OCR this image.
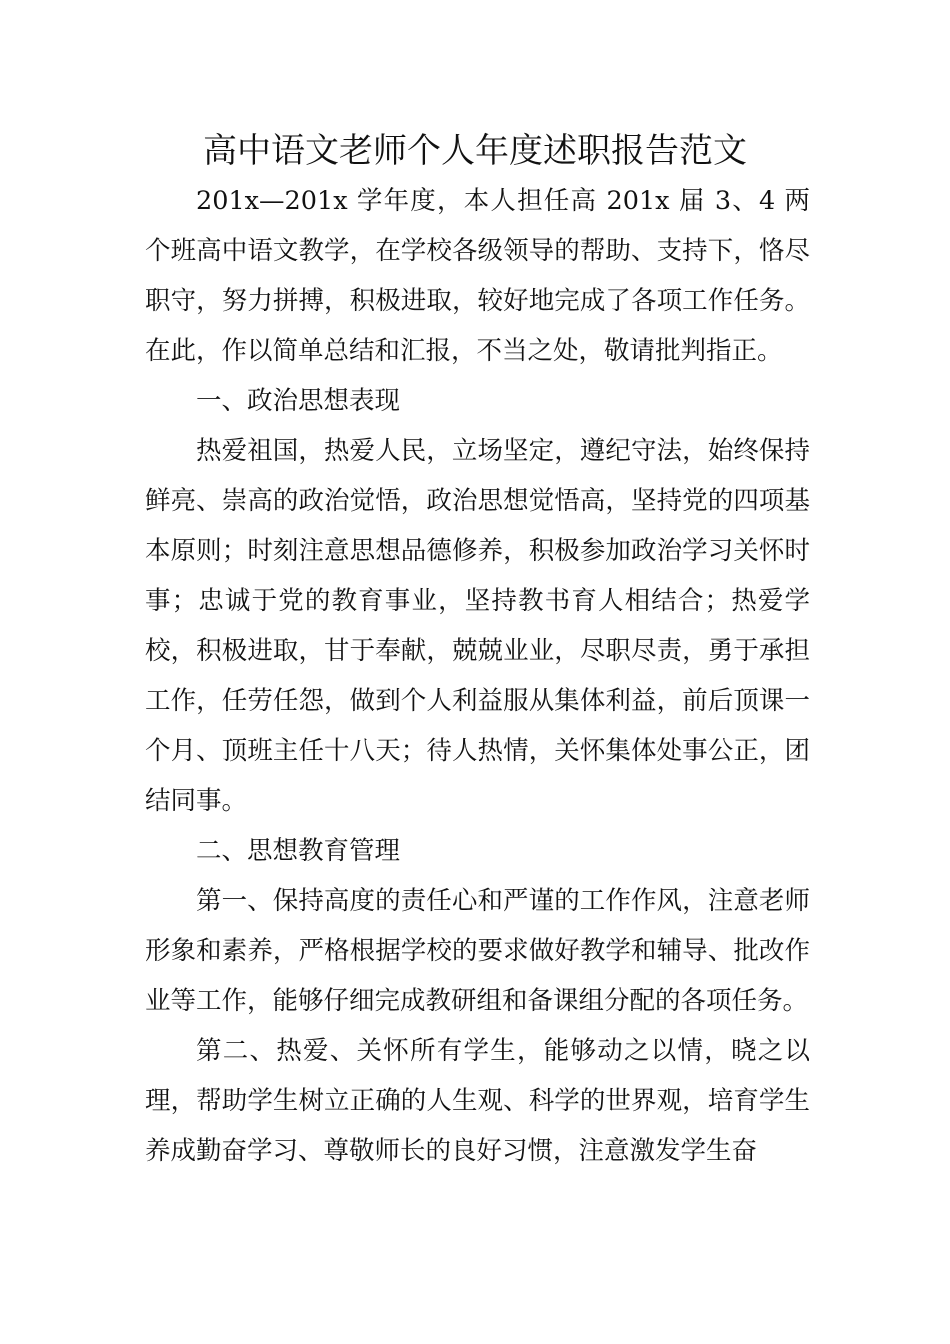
高中语文老师个人年度述职报告范文

201x—201x 学年度，本人担任高 201x 届 3、4 两个班高中语文教学，在学校各级领导的帮助、支持下，恪尽职守，努力拼搏，积极进取，较好地完成了各项工作任务。在此，作以简单总结和汇报，不当之处，敬请批判指正。

一、政治思想表现

热爱祖国，热爱人民，立场坚定，遵纪守法，始终保持鲜亮、崇高的政治觉悟，政治思想觉悟高，坚持党的四项基本原则；时刻注意思想品德修养，积极参加政治学习关怀时事；忠诚于党的教育事业，坚持教书育人相结合；热爱学校，积极进取，甘于奉献，兢兢业业，尽职尽责，勇于承担工作，任劳任怨，做到个人利益服从集体利益，前后顶课一个月、顶班主任十八天；待人热情，关怀集体处事公正，团结同事。

二、思想教育管理

第一、保持高度的责任心和严谨的工作作风，注意老师形象和素养，严格根据学校的要求做好教学和辅导、批改作业等工作，能够仔细完成教研组和备课组分配的各项任务。

第二、热爱、关怀所有学生，能够动之以情，晓之以理，帮助学生树立正确的人生观、科学的世界观，培育学生养成勤奋学习、尊敬师长的良好习惯，注意激发学生奋
